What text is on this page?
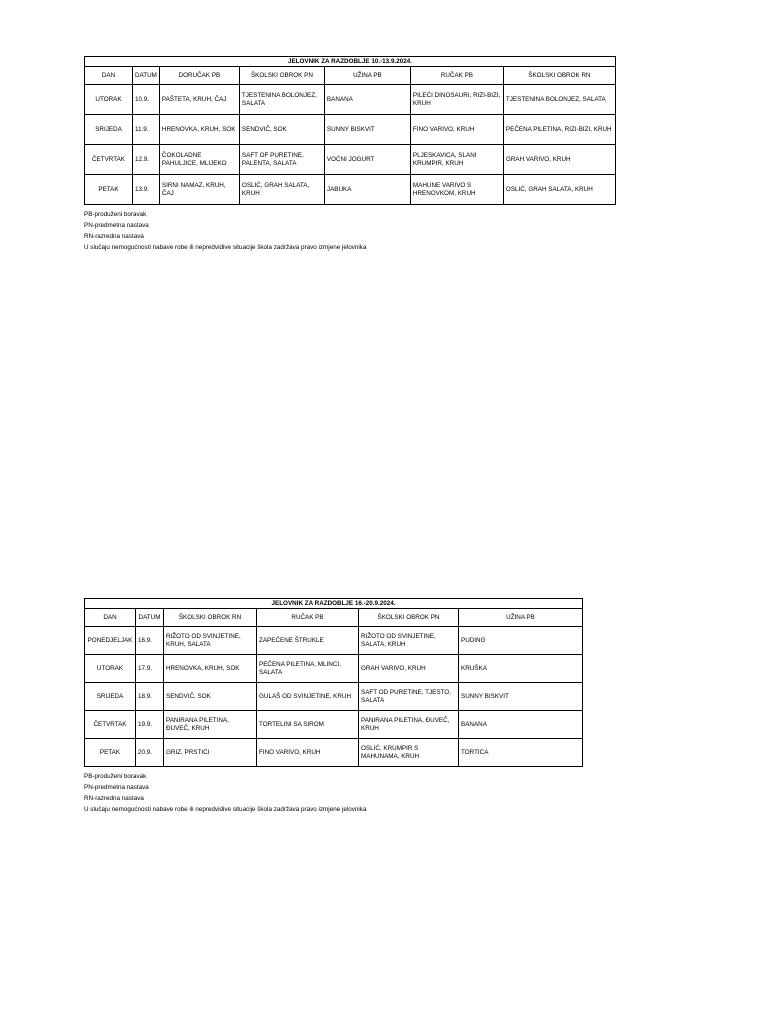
JELOVNIK ZA RAZDOBLJE 10.-13.9.2024.						
DAN	DATUM	DORUČAK PB	ŠKOLSKI OBROK PN	UŽINA PB	RUČAK PB	ŠKOLSKI OBROK RN
UTORAK	10.9.	PAŠTETA, KRUH, ČAJ	TJESTENINA BOLONJEZ, SALATA	BANANA	PILEĆI DINOSAURI, RIZI-BIZI, KRUH	TJESTENINA BOLONJEZ, SALATA
SRIJEDA	11.9.	HRENOVKA, KRUH, SOK	SENDVIČ, SOK	SUNNY BISKVIT	FINO VARIVO, KRUH	PEČENA PILETINA, RIZI-BIZI, KRUH
ČETVRTAK	12.9.	ČOKOLADNE PAHULJICE, MLIJEKO	SAFT OF PURETINE, PALENTA, SALATA	VOĆNI JOGURT	PLJESKAVICA, SLANI KRUMPIR, KRUH	GRAH VARIVO, KRUH
PETAK	13.9.	SIRNI NAMAZ, KRUH, ČAJ	OSLIĆ, GRAH SALATA, KRUH	JABUKA	MAHUNE VARIVO S HRENOVKOM, KRUH	OSLIĆ, GRAH SALATA, KRUH
PB-produženi boravak
PN-predmetna nastava
RN-razredna nastava
U slučaju nemogućnosti nabave robe ili nepredvidive situacije škola zadržava pravo izmjene jelovnika
JELOVNIK ZA RAZDOBLJE 16.-20.9.2024.					
DAN	DATUM	ŠKOLSKI OBROK RN	RUČAK PB	ŠKOLSKI OBROK PN	UŽINA PB
PONEDJELJAK	16.9.	RIŽOTO OD SVINJETINE, KRUH, SALATA	ZAPEČENE ŠTRUKLE	RIŽOTO OD SVINJETINE, SALATA, KRUH	PUDING
UTORAK	17.9.	HRENOVKA, KRUH, SOK	PEČENA PILETINA, MLINCI, SALATA	GRAH VARIVO, KRUH	KRUŠKA
SRIJEDA	18.9.	SENDVIČ, SOK	GULAŠ OD SVINJETINE, KRUH	SAFT OD PURETINE, TJESTO, SALATA	SUNNY BISKVIT
ČETVRTAK	19.9.	PANIRANA PILETINA, ĐUVEČ, KRUH	TORTELINI SA SIROM	PANIRANA PILETINA, ĐUVEČ, KRUH	BANANA
PETAK	20.9.	GRIZ, PRSTIĆI	FINO VARIVO, KRUH	OSLIĆ, KRUMPIR S MAHUNAMA, KRUH	TORTICA
PB-produženi boravak
PN-predmetna nastava
RN-razredna nastava
U slučaju nemogućnosti nabave robe ili nepredvidive situacije škola zadržava pravo izmjene jelovnika
